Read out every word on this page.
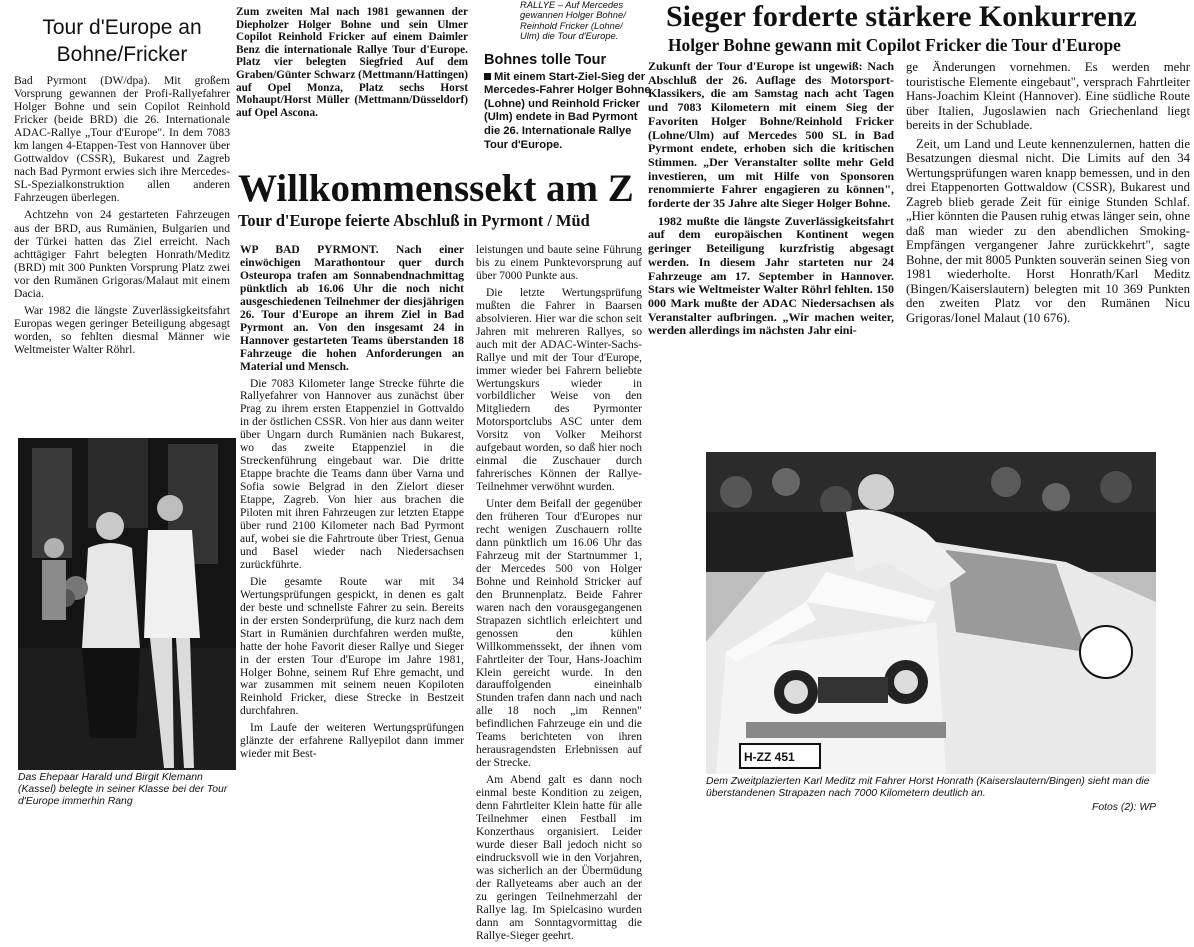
Tour d'Europe an Bohne/Fricker

Bad Pyrmont (DW/dpa). Mit großem Vorsprung gewannen der Profi-Rallyefahrer Holger Bohne und sein Copilot Reinhold Fricker (beide BRD) die 26. Internationale ADAC-Rallye „Tour d'Europe". In dem 7083 km langen 4-Etappen-Test von Hannover über Gottwaldov (CSSR), Bukarest und Zagreb nach Bad Pyrmont erwies sich ihre Mercedes-SL-Spezialkonstruktion allen anderen Fahrzeugen überlegen.

Achtzehn von 24 gestarteten Fahrzeugen aus der BRD, aus Rumänien, Bulgarien und der Türkei hatten das Ziel erreicht. Nach achttägiger Fahrt belegten Honrath/Meditz (BRD) mit 300 Punkten Vorsprung Platz zwei vor den Rumänen Grigoras/Malaut mit einem Dacia.

War 1982 die längste Zuverlässigkeitsfahrt Europas wegen geringer Beteiligung abgesagt worden, so fehlten diesmal Männer wie Weltmeister Walter Röhrl.

Zum zweiten Mal nach 1981 gewannen der Diepholzer Holger Bohne und sein Ulmer Copilot Reinhold Fricker auf einem Daimler Benz die internationale Rallye Tour d'Europe. Platz vier belegten Siegfried Auf dem Graben/Günter Schwarz (Mettmann/Hattingen) auf Opel Monza, Platz sechs Horst Mohaupt/Horst Müller (Mettmann/Düsseldorf) auf Opel Ascona.

RALLYE – Auf Mercedes
gewannen Holger Bohne/
Reinhold Fricker (Lohne/
Ulm) die Tour d'Europe.
Bohnes tolle Tour
Mit einem Start-Ziel-Sieg der Mercedes-Fahrer Holger Bohne (Lohne) und Reinhold Fricker (Ulm) endete in Bad Pyrmont die 26. Internationale Rallye Tour d'Europe.
Sieger forderte stärkere Konkurrenz
Holger Bohne gewann mit Copilot Fricker die Tour d'Europe

Zukunft der Tour d'Europe ist ungewiß: Nach Abschluß der 26. Auflage des Motorsport-Klassikers, die am Samstag nach acht Tagen und 7083 Kilometern mit einem Sieg der Favoriten Holger Bohne/Reinhold Fricker (Lohne/Ulm) auf Mercedes 500 SL in Bad Pyrmont endete, erhoben sich die kritischen Stimmen. „Der Veranstalter sollte mehr Geld investieren, um mit Hilfe von Sponsoren renommierte Fahrer engagieren zu können", forderte der 35 Jahre alte Sieger Holger Bohne.

1982 mußte die längste Zuverlässigkeitsfahrt auf dem europäischen Kontinent wegen geringer Beteiligung kurzfristig abgesagt werden. In diesem Jahr starteten nur 24 Fahrzeuge am 17. September in Hannover. Stars wie Weltmeister Walter Röhrl fehlten. 150 000 Mark mußte der ADAC Niedersachsen als Veranstalter aufbringen. „Wir machen weiter, werden allerdings im nächsten Jahr eini-

ge Änderungen vornehmen. Es werden mehr touristische Elemente eingebaut", versprach Fahrtleiter Hans-Joachim Kleint (Hannover). Eine südliche Route über Italien, Jugoslawien nach Griechenland liegt bereits in der Schublade.

Zeit, um Land und Leute kennenzulernen, hatten die Besatzungen diesmal nicht. Die Limits auf den 34 Wertungsprüfungen waren knapp bemessen, und in den drei Etappenorten Gottwaldow (CSSR), Bukarest und Zagreb blieb gerade Zeit für einige Stunden Schlaf. „Hier könnten die Pausen ruhig etwas länger sein, ohne daß man wieder zu den abendlichen Smoking-Empfängen vergangener Jahre zurückkehrt", sagte Bohne, der mit 8005 Punkten souverän seinen Sieg von 1981 wiederholte. Horst Honrath/Karl Meditz (Bingen/Kaiserslautern) belegten mit 10 369 Punkten den zweiten Platz vor den Rumänen Nicu Grigoras/Ionel Malaut (10 676).

Willkommenssekt am Z
Tour d'Europe feierte Abschluß in Pyrmont / Müd

WP BAD PYRMONT. Nach einer einwöchigen Marathontour quer durch Osteuropa trafen am Sonnabendnachmittag pünktlich ab 16.06 Uhr die noch nicht ausgeschiedenen Teilnehmer der diesjährigen 26. Tour d'Europe an ihrem Ziel in Bad Pyrmont an. Von den insgesamt 24 in Hannover gestarteten Teams überstanden 18 Fahrzeuge die hohen Anforderungen an Material und Mensch.

Die 7083 Kilometer lange Strecke führte die Rallyefahrer von Hannover aus zunächst über Prag zu ihrem ersten Etappenziel in Gottvaldo in der östlichen CSSR. Von hier aus dann weiter über Ungarn durch Rumänien nach Bukarest, wo das zweite Etappenziel in die Streckenführung eingebaut war. Die dritte Etappe brachte die Teams dann über Varna und Sofia sowie Belgrad in den Zielort dieser Etappe, Zagreb. Von hier aus brachen die Piloten mit ihren Fahrzeugen zur letzten Etappe über rund 2100 Kilometer nach Bad Pyrmont auf, wobei sie die Fahrtroute über Triest, Genua und Basel wieder nach Niedersachsen zurückführte.

Die gesamte Route war mit 34 Wertungsprüfungen gespickt, in denen es galt der beste und schnellste Fahrer zu sein. Bereits in der ersten Sonderprüfung, die kurz nach dem Start in Rumänien durchfahren werden mußte, hatte der hohe Favorit dieser Rallye und Sieger in der ersten Tour d'Europe im Jahre 1981, Holger Bohne, seinem Ruf Ehre gemacht, und war zusammen mit seinem neuen Kopiloten Reinhold Fricker, diese Strecke in Bestzeit durchfahren.

Im Laufe der weiteren Wertungsprüfungen glänzte der erfahrene Rallyepilot dann immer wieder mit Best-

leistungen und baute seine Führung bis zu einem Punktevorsprung auf über 7000 Punkte aus.

Die letzte Wertungsprüfung mußten die Fahrer in Baarsen absolvieren. Hier war die schon seit Jahren mit mehreren Rallyes, so auch mit der ADAC-Winter-Sachs-Rallye und mit der Tour d'Europe, immer wieder bei Fahrern beliebte Wertungskurs wieder in vorbildlicher Weise von den Mitgliedern des Pyrmonter Motorsportclubs ASC unter dem Vorsitz von Volker Meihorst aufgebaut worden, so daß hier noch einmal die Zuschauer durch fahrerisches Können der Rallye-Teilnehmer verwöhnt wurden.

Unter dem Beifall der gegenüber den früheren Tour d'Europes nur recht wenigen Zuschauern rollte dann pünktlich um 16.06 Uhr das Fahrzeug mit der Startnummer 1, der Mercedes 500 von Holger Bohne und Reinhold Stricker auf den Brunnenplatz. Beide Fahrer waren nach den vorausgegangenen Strapazen sichtlich erleichtert und genossen den kühlen Willkommenssekt, der ihnen vom Fahrtleiter der Tour, Hans-Joachim Klein gereicht wurde. In den darauffolgenden eineinhalb Stunden trafen dann nach und nach alle 18 noch „im Rennen" befindlichen Fahrzeuge ein und die Teams berichteten von ihren herausragendsten Erlebnissen auf der Strecke.

Am Abend galt es dann noch einmal beste Kondition zu zeigen, denn Fahrtleiter Klein hatte für alle Teilnehmer einen Festball im Konzerthaus organisiert. Leider wurde dieser Ball jedoch nicht so eindrucksvoll wie in den Vorjahren, was sicherlich an der Übermüdung der Rallyeteams aber auch an der zu geringen Teilnehmerzahl der Rallye lag. Im Spielcasino wurden dann am Sonntagvormittag die Rallye-Sieger geehrt.

Das Ehepaar Harald und Birgit Klemann (Kassel) belegte in seiner Klasse bei der Tour d'Europe immerhin Rang
H-ZZ 451
Dem Zweitplazierten Karl Meditz mit Fahrer Horst Honrath (Kaiserslautern/Bingen) sieht man die überstandenen Strapazen nach 7000 Kilometern deutlich an.
Fotos (2): WP
